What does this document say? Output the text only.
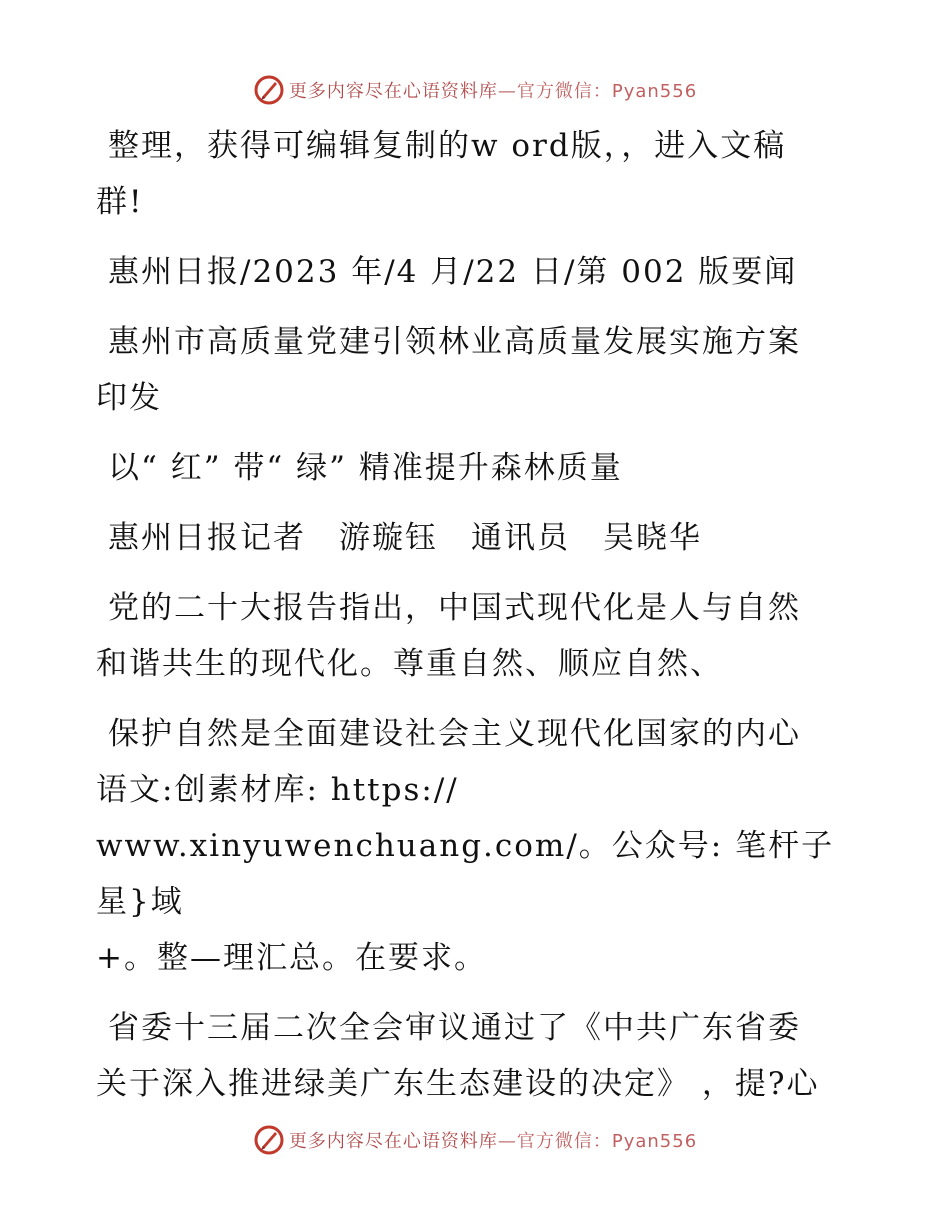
更多内容尽在心语资料库—官方微信：Pyan556

整理，获得可编辑复制的w ord版，，进入文稿
群!

惠州日报/2023 年/4 月/22 日/第 002 版要闻

惠州市高质量党建引领林业高质量发展实施方案
印发

以“ 红” 带“ 绿” 精准提升森林质量

惠州日报记者　游璇钰　通讯员　吴晓华

党的二十大报告指出，中国式现代化是人与自然
和谐共生的现代化。尊重自然、顺应自然、

保护自然是全面建设社会主义现代化国家的内心
语文:创素材库: https://
www.xinyuwenchuang.com/。公众号: 笔杆子星}域
+。整—理汇总。在要求。

省委十三届二次全会审议通过了《中共广东省委
关于深入推进绿美广东生态建设的决定》 ，提?心

更多内容尽在心语资料库—官方微信：Pyan556
